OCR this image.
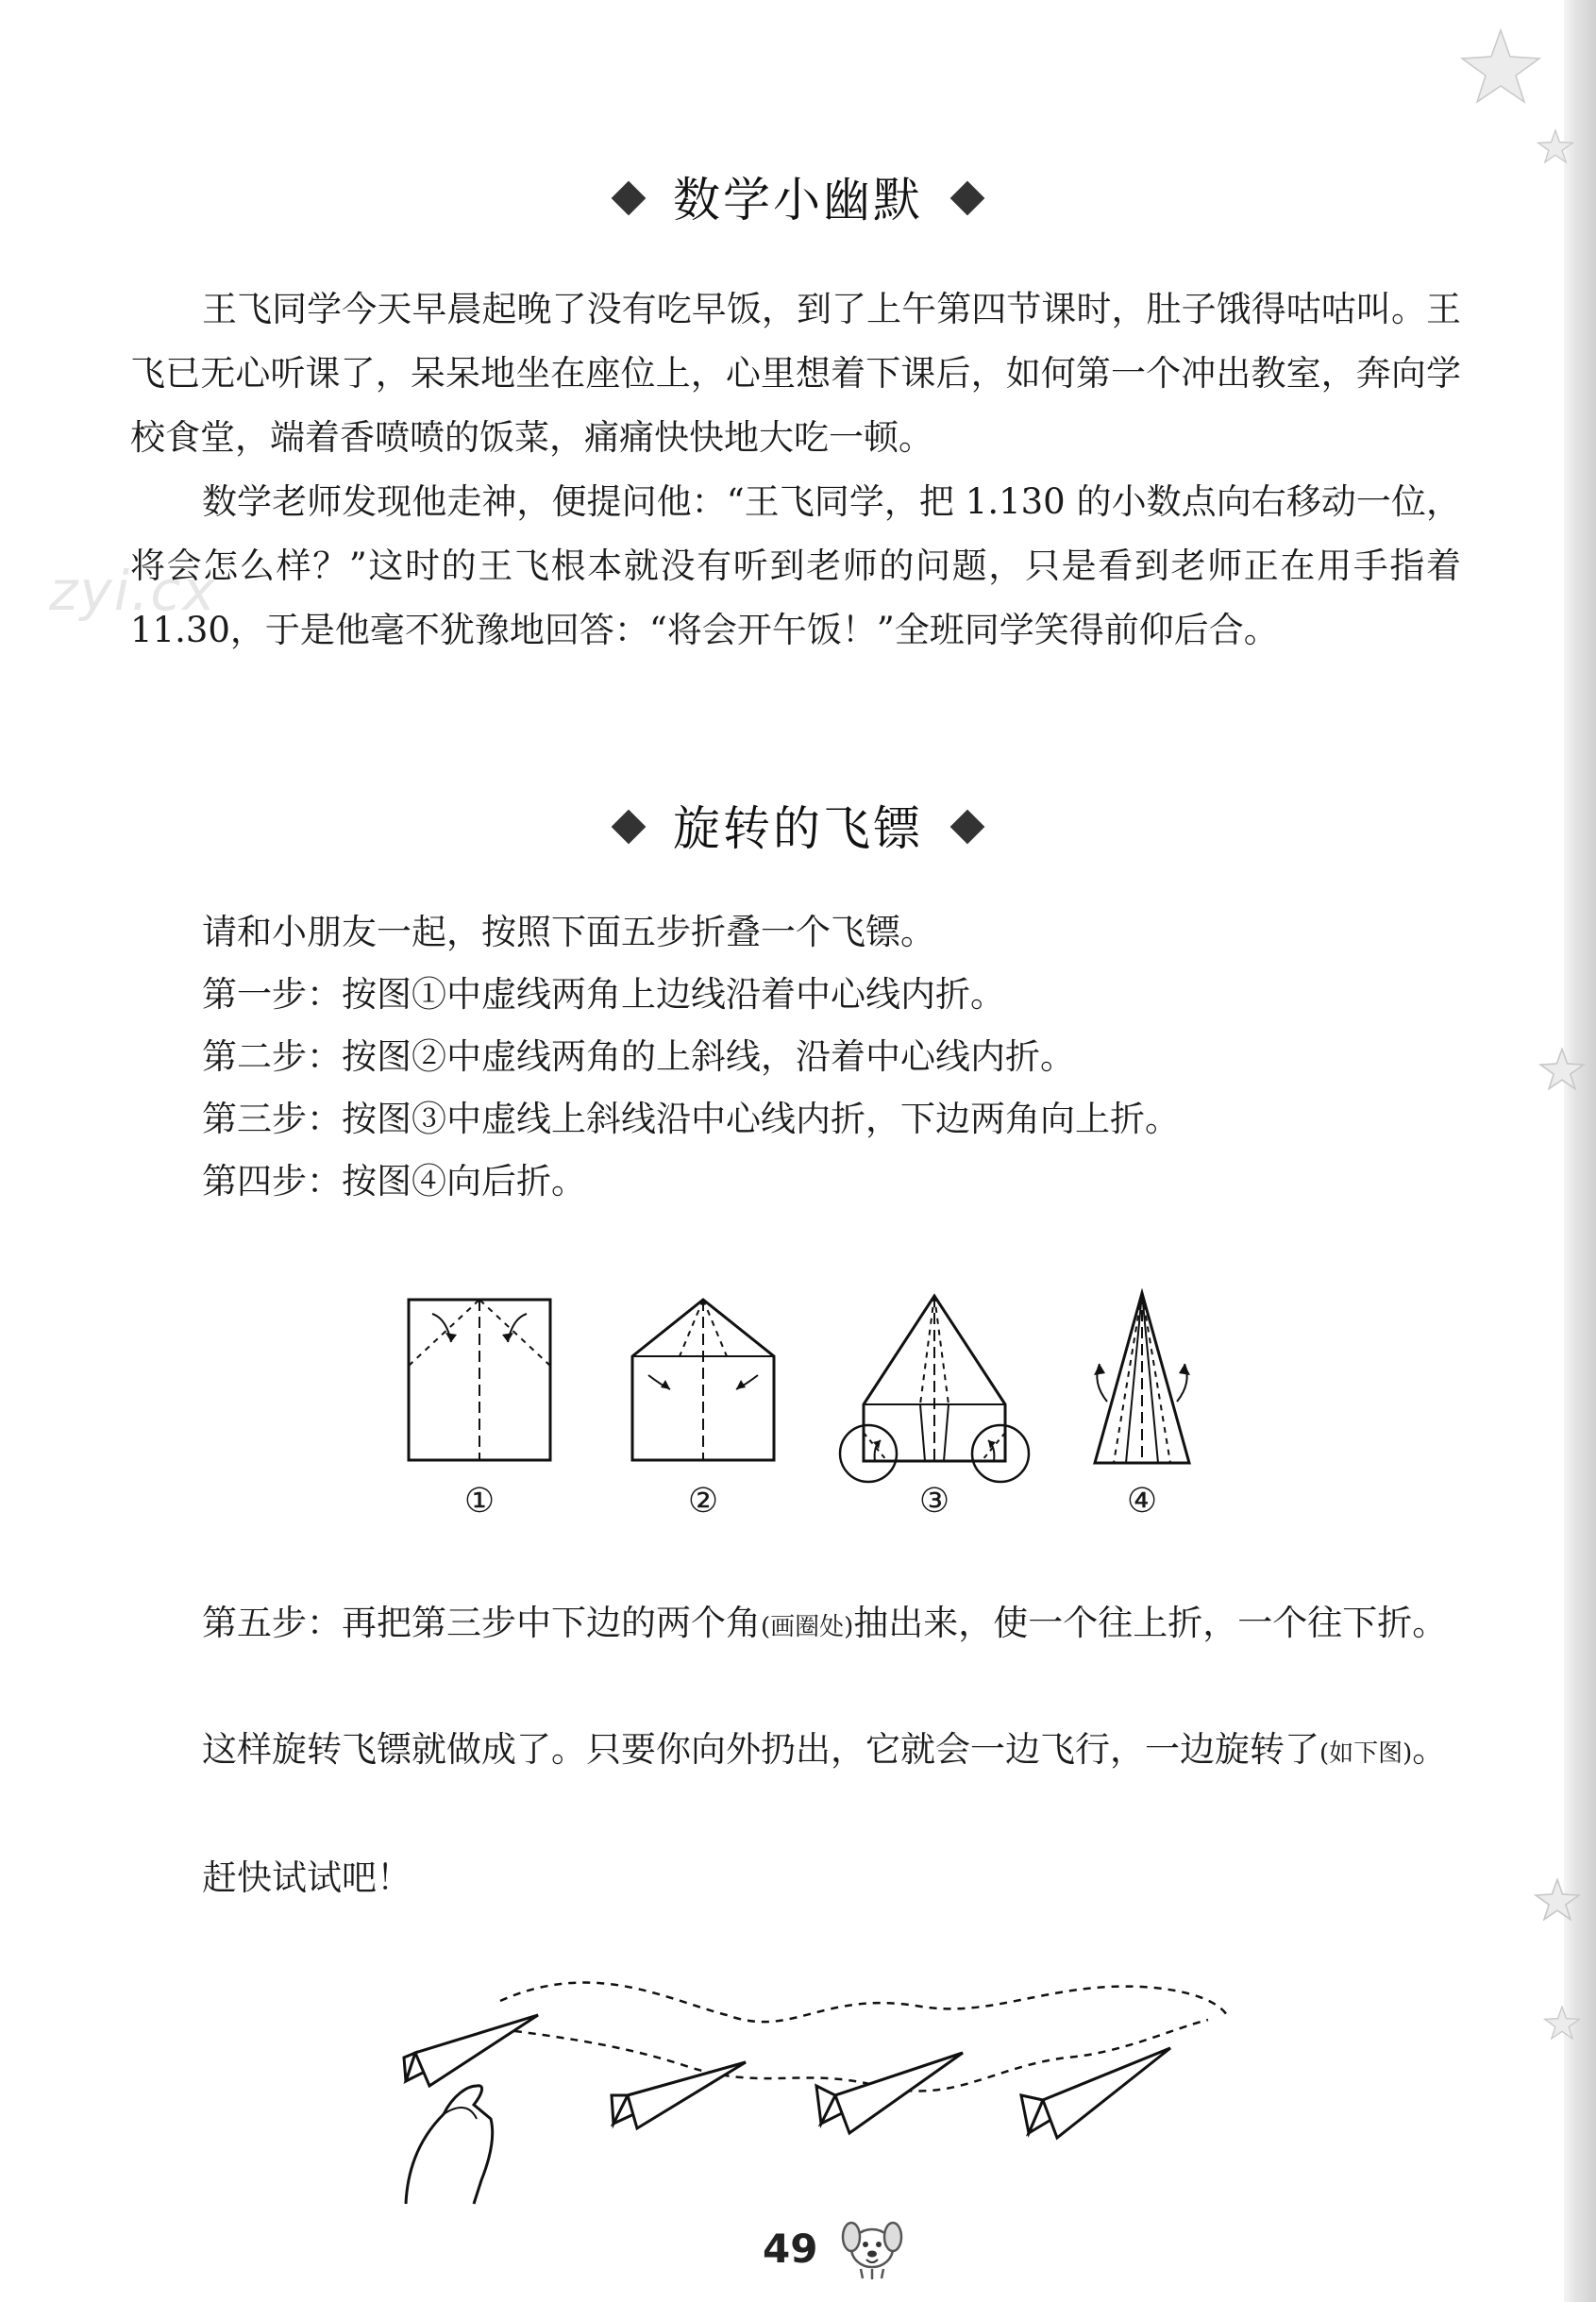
zyi.cx
数学小幽默

王飞同学今天早晨起晚了没有吃早饭，到了上午第四节课时，肚子饿得咕咕叫。王飞已无心听课了，呆呆地坐在座位上，心里想着下课后，如何第一个冲出教室，奔向学校食堂，端着香喷喷的饭菜，痛痛快快地大吃一顿。

数学老师发现他走神，便提问他：“王飞同学，把 1.130 的小数点向右移动一位，将会怎么样？”这时的王飞根本就没有听到老师的问题，只是看到老师正在用手指着 11.30，于是他毫不犹豫地回答：“将会开午饭！”全班同学笑得前仰后合。

旋转的飞镖

请和小朋友一起，按照下面五步折叠一个飞镖。

第一步：按图①中虚线两角上边线沿着中心线内折。

第二步：按图②中虚线两角的上斜线，沿着中心线内折。

第三步：按图③中虚线上斜线沿中心线内折，下边两角向上折。

第四步：按图④向后折。

①	②	③	④

第五步：再把第三步中下边的两个角(画圈处)抽出来，使一个往上折，一个往下折。

这样旋转飞镖就做成了。只要你向外扔出，它就会一边飞行，一边旋转了(如下图)。

赶快试试吧！

49
